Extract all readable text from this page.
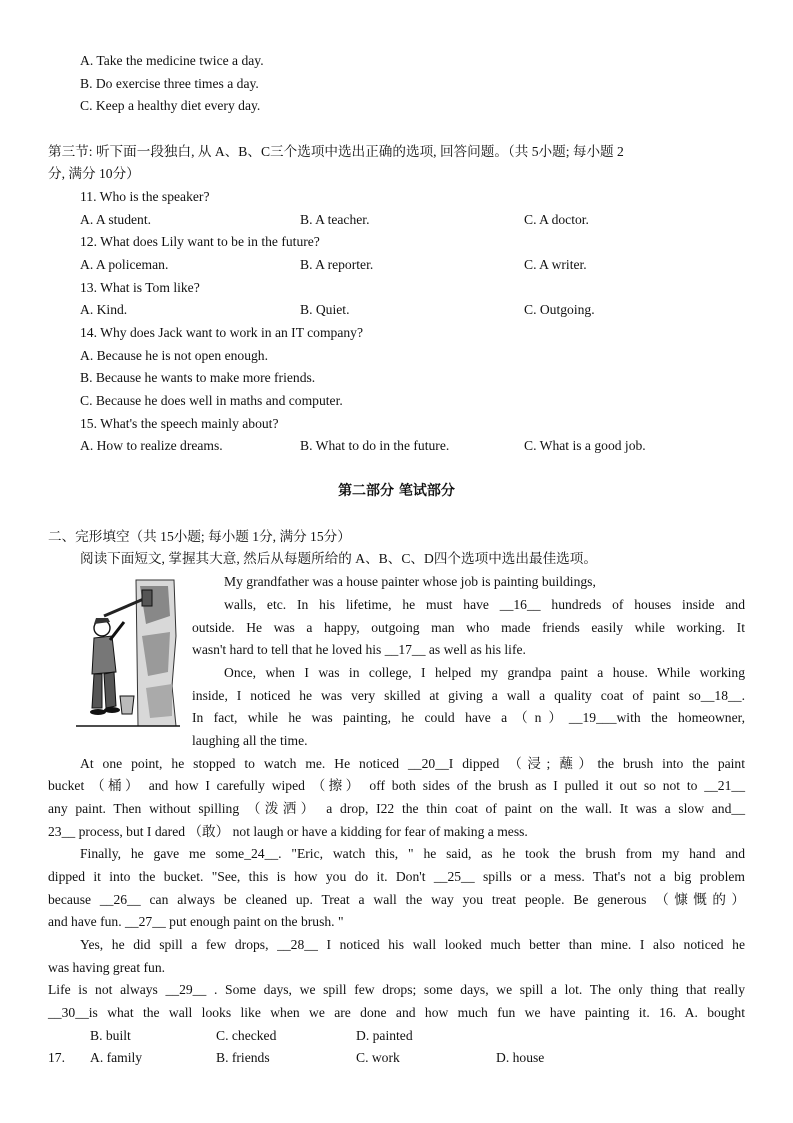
A. Take the medicine twice a day.
B. Do exercise three times a day.
C. Keep a healthy diet every day.
第三节: 听下面一段独白, 从 A、B、C三个选项中选出正确的选项, 回答问题。（共 5小题; 每小题 2
分, 满分 10分）
11. Who is the speaker?
A. A student.	B. A teacher.	C. A doctor.
12. What does Lily want to be in the future?
A. A policeman.	B. A reporter.	C. A writer.
13. What is Tom like?
A. Kind.	B. Quiet.	C. Outgoing.
14. Why does Jack want to work in an IT company?
A. Because he is not open enough.
B. Because he wants to make more friends.
C. Because he does well in maths and computer.
15. What's the speech mainly about?
A. How to realize dreams.	B. What to do in the future.	C. What is a good job.
第二部分 笔试部分
二、完形填空（共 15小题; 每小题 1分, 满分 15分）
阅读下面短文, 掌握其大意, 然后从每题所给的 A、B、C、D四个选项中选出最佳选项。
My grandfather was a house painter whose job is painting buildings,
walls, etc. In his lifetime, he must have __16__ hundreds of houses inside and
outside. He was a happy, outgoing man who made friends easily while working. It
wasn't hard to tell that he loved his __17__ as well as his life.
Once, when I was in college, I helped my grandpa paint a house. While working
inside, I noticed he was very skilled at giving a wall a quality coat of paint so__18__.
In fact, while he was painting, he could have a（n）__19___with the homeowner,
laughing all the time.
At one point, he stopped to watch me. He noticed __20__I dipped （浸; 蘸）the brush into the paint
bucket （桶） and how I carefully wiped （擦） off both sides of the brush as I pulled it out so not to __21__
any paint. Then without spilling （泼洒） a drop, I22 the thin coat of paint on the wall. It was a slow and__
23__ process, but I dared （敢） not laugh or have a kidding for fear of making a mess.
Finally, he gave me some_24__. "Eric, watch this, " he said, as he took the brush from my hand and
dipped it into the bucket. "See, this is how you do it. Don't __25__ spills or a mess. That's not a big problem
because __26__ can always be cleaned up. Treat a wall the way you treat people. Be generous （慷慨的）
and have fun. __27__ put enough paint on the brush. "
Yes, he did spill a few drops, __28__ I noticed his wall looked much better than mine. I also noticed he
was having great fun.
Life is not always __29__ . Some days, we spill few drops; some days, we spill a lot. The only thing that really
__30__is what the wall looks like when we are done and how much fun we have painting it. 16. A. bought
B. built	C. checked	D. painted
17. A. family	B. friends	C. work	D. house
